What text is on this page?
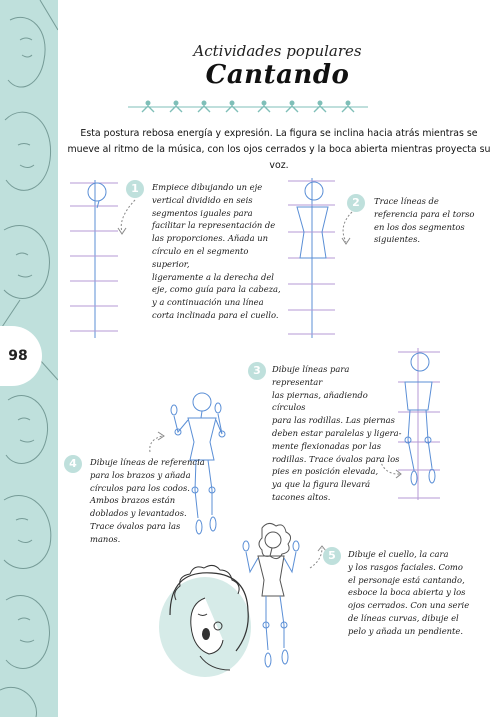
98
Actividades populares
Cantando
Esta postura rebosa energía y expresión. La figura se inclina hacia atrás mientras se mueve al ritmo de la música, con los ojos cerrados y la boca abierta mientras proyecta su voz.
1	Empiece dibujando un eje
vertical dividido en seis
segmentos iguales para
facilitar la representación de
las proporciones. Añada un
círculo en el segmento superior,
ligeramente a la derecha del
eje, como guía para la cabeza,
y a continuación una línea
corta inclinada para el cuello.
2	Trace líneas de
referencia para el torso
en los dos segmentos
siguientes.
3	Dibuje líneas para representar
las piernas, añadiendo círculos
para las rodillas. Las piernas
deben estar paralelas y ligera-
mente flexionadas por las
rodillas. Trace óvalos para los
pies en posición elevada,
ya que la figura llevará
tacones altos.
4	Dibuje líneas de referencia
para los brazos y añada
círculos para los codos.
Ambos brazos están
doblados y levantados.
Trace óvalos para las
manos.
5	Dibuje el cuello, la cara
y los rasgos faciales. Como
el personaje está cantando,
esboce la boca abierta y los
ojos cerrados. Con una serie
de líneas curvas, dibuje el
pelo y añada un pendiente.
